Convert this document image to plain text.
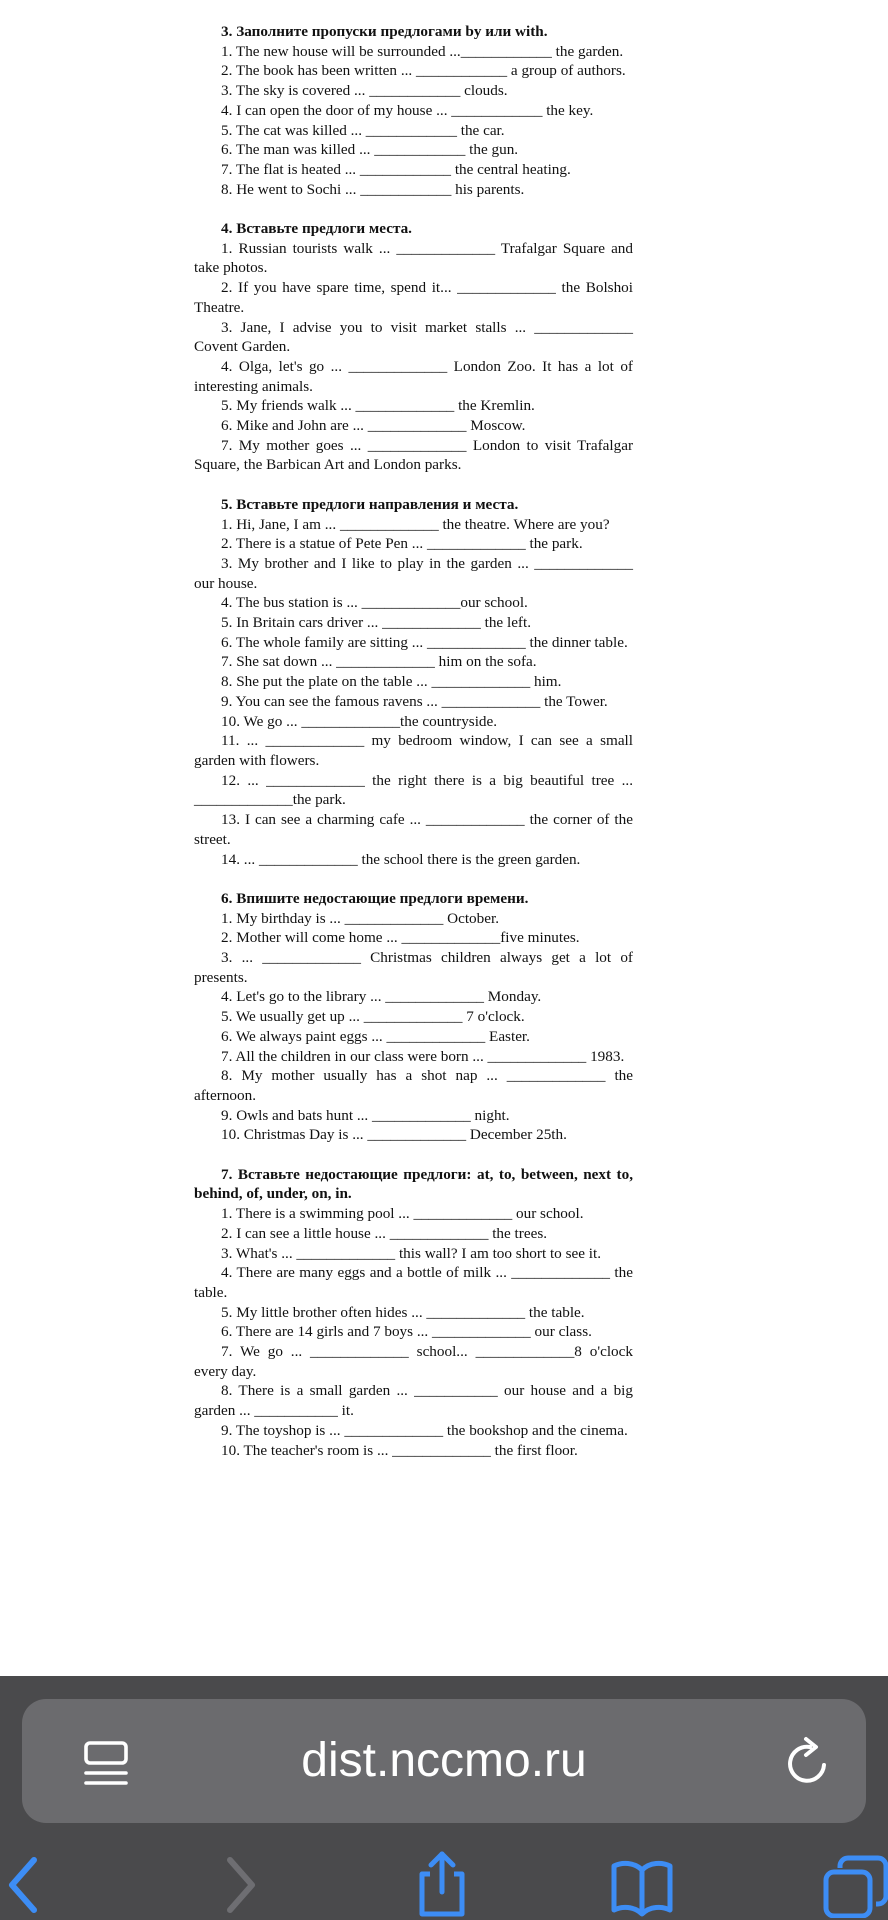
3. Заполните пропуски предлогами by или with.
1. The new house will be surrounded ...____________ the garden.
2. The book has been written ... ____________ a group of authors.
3. The sky is covered ... ____________ clouds.
4. I can open the door of my house ... ____________ the key.
5. The cat was killed ... ____________ the car.
6. The man was killed ... ____________ the gun.
7. The flat is heated ... ____________ the central heating.
8. He went to Sochi ... ____________ his parents.
4. Вставьте предлоги места.
1. Russian tourists walk ... _____________ Trafalgar Square and take photos.
2. If you have spare time, spend it... _____________ the Bolshoi Theatre.
3. Jane, I advise you to visit market stalls ... _____________ Covent Garden.
4. Olga, let's go ... _____________ London Zoo. It has a lot of interesting animals.
5. My friends walk ... _____________ the Kremlin.
6. Mike and John are ... _____________ Moscow.
7. My mother goes ... _____________ London to visit Trafalgar Square, the Barbican Art and London parks.
5. Вставьте предлоги направления и места.
1. Hi, Jane, I am ... _____________ the theatre. Where are you?
2. There is a statue of Pete Pen ... _____________ the park.
3. My brother and I like to play in the garden ... _____________ our house.
4. The bus station is ... _____________our school.
5. In Britain cars driver ... _____________ the left.
6. The whole family are sitting ... _____________ the dinner table.
7. She sat down ... _____________ him on the sofa.
8. She put the plate on the table ... _____________ him.
9. You can see the famous ravens ... _____________ the Tower.
10. We go ... _____________the countryside.
11. ... _____________ my bedroom window, I can see a small garden with flowers.
12. ... _____________ the right there is a big beautiful tree ... _____________the park.
13. I can see a charming cafe ... _____________ the corner of the street.
14. ... _____________ the school there is the green garden.
6. Впишите недостающие предлоги времени.
1. My birthday is ... _____________ October.
2. Mother will come home ... _____________five minutes.
3. ... _____________ Christmas children always get a lot of presents.
4. Let's go to the library ... _____________ Monday.
5. We usually get up ... _____________ 7 o'clock.
6. We always paint eggs ... _____________ Easter.
7. All the children in our class were born ... _____________ 1983.
8. My mother usually has a shot nap ... _____________ the afternoon.
9. Owls and bats hunt ... _____________ night.
10. Christmas Day is ... _____________ December 25th.
7. Вставьте недостающие предлоги: at, to, between, next to, behind, of, under, on, in.
1. There is a swimming pool ... _____________ our school.
2. I can see a little house ... _____________ the trees.
3. What's ... _____________ this wall? I am too short to see it.
4. There are many eggs and a bottle of milk ... _____________ the table.
5. My little brother often hides ... _____________ the table.
6. There are 14 girls and 7 boys ... _____________ our class.
7. We go ... _____________ school... _____________8 o'clock every day.
8. There is a small garden ... ___________ our house and a big garden ... ___________ it.
9. The toyshop is ... _____________ the bookshop and the cinema.
10. The teacher's room is ... _____________ the first floor.
dist.nccmo.ru
